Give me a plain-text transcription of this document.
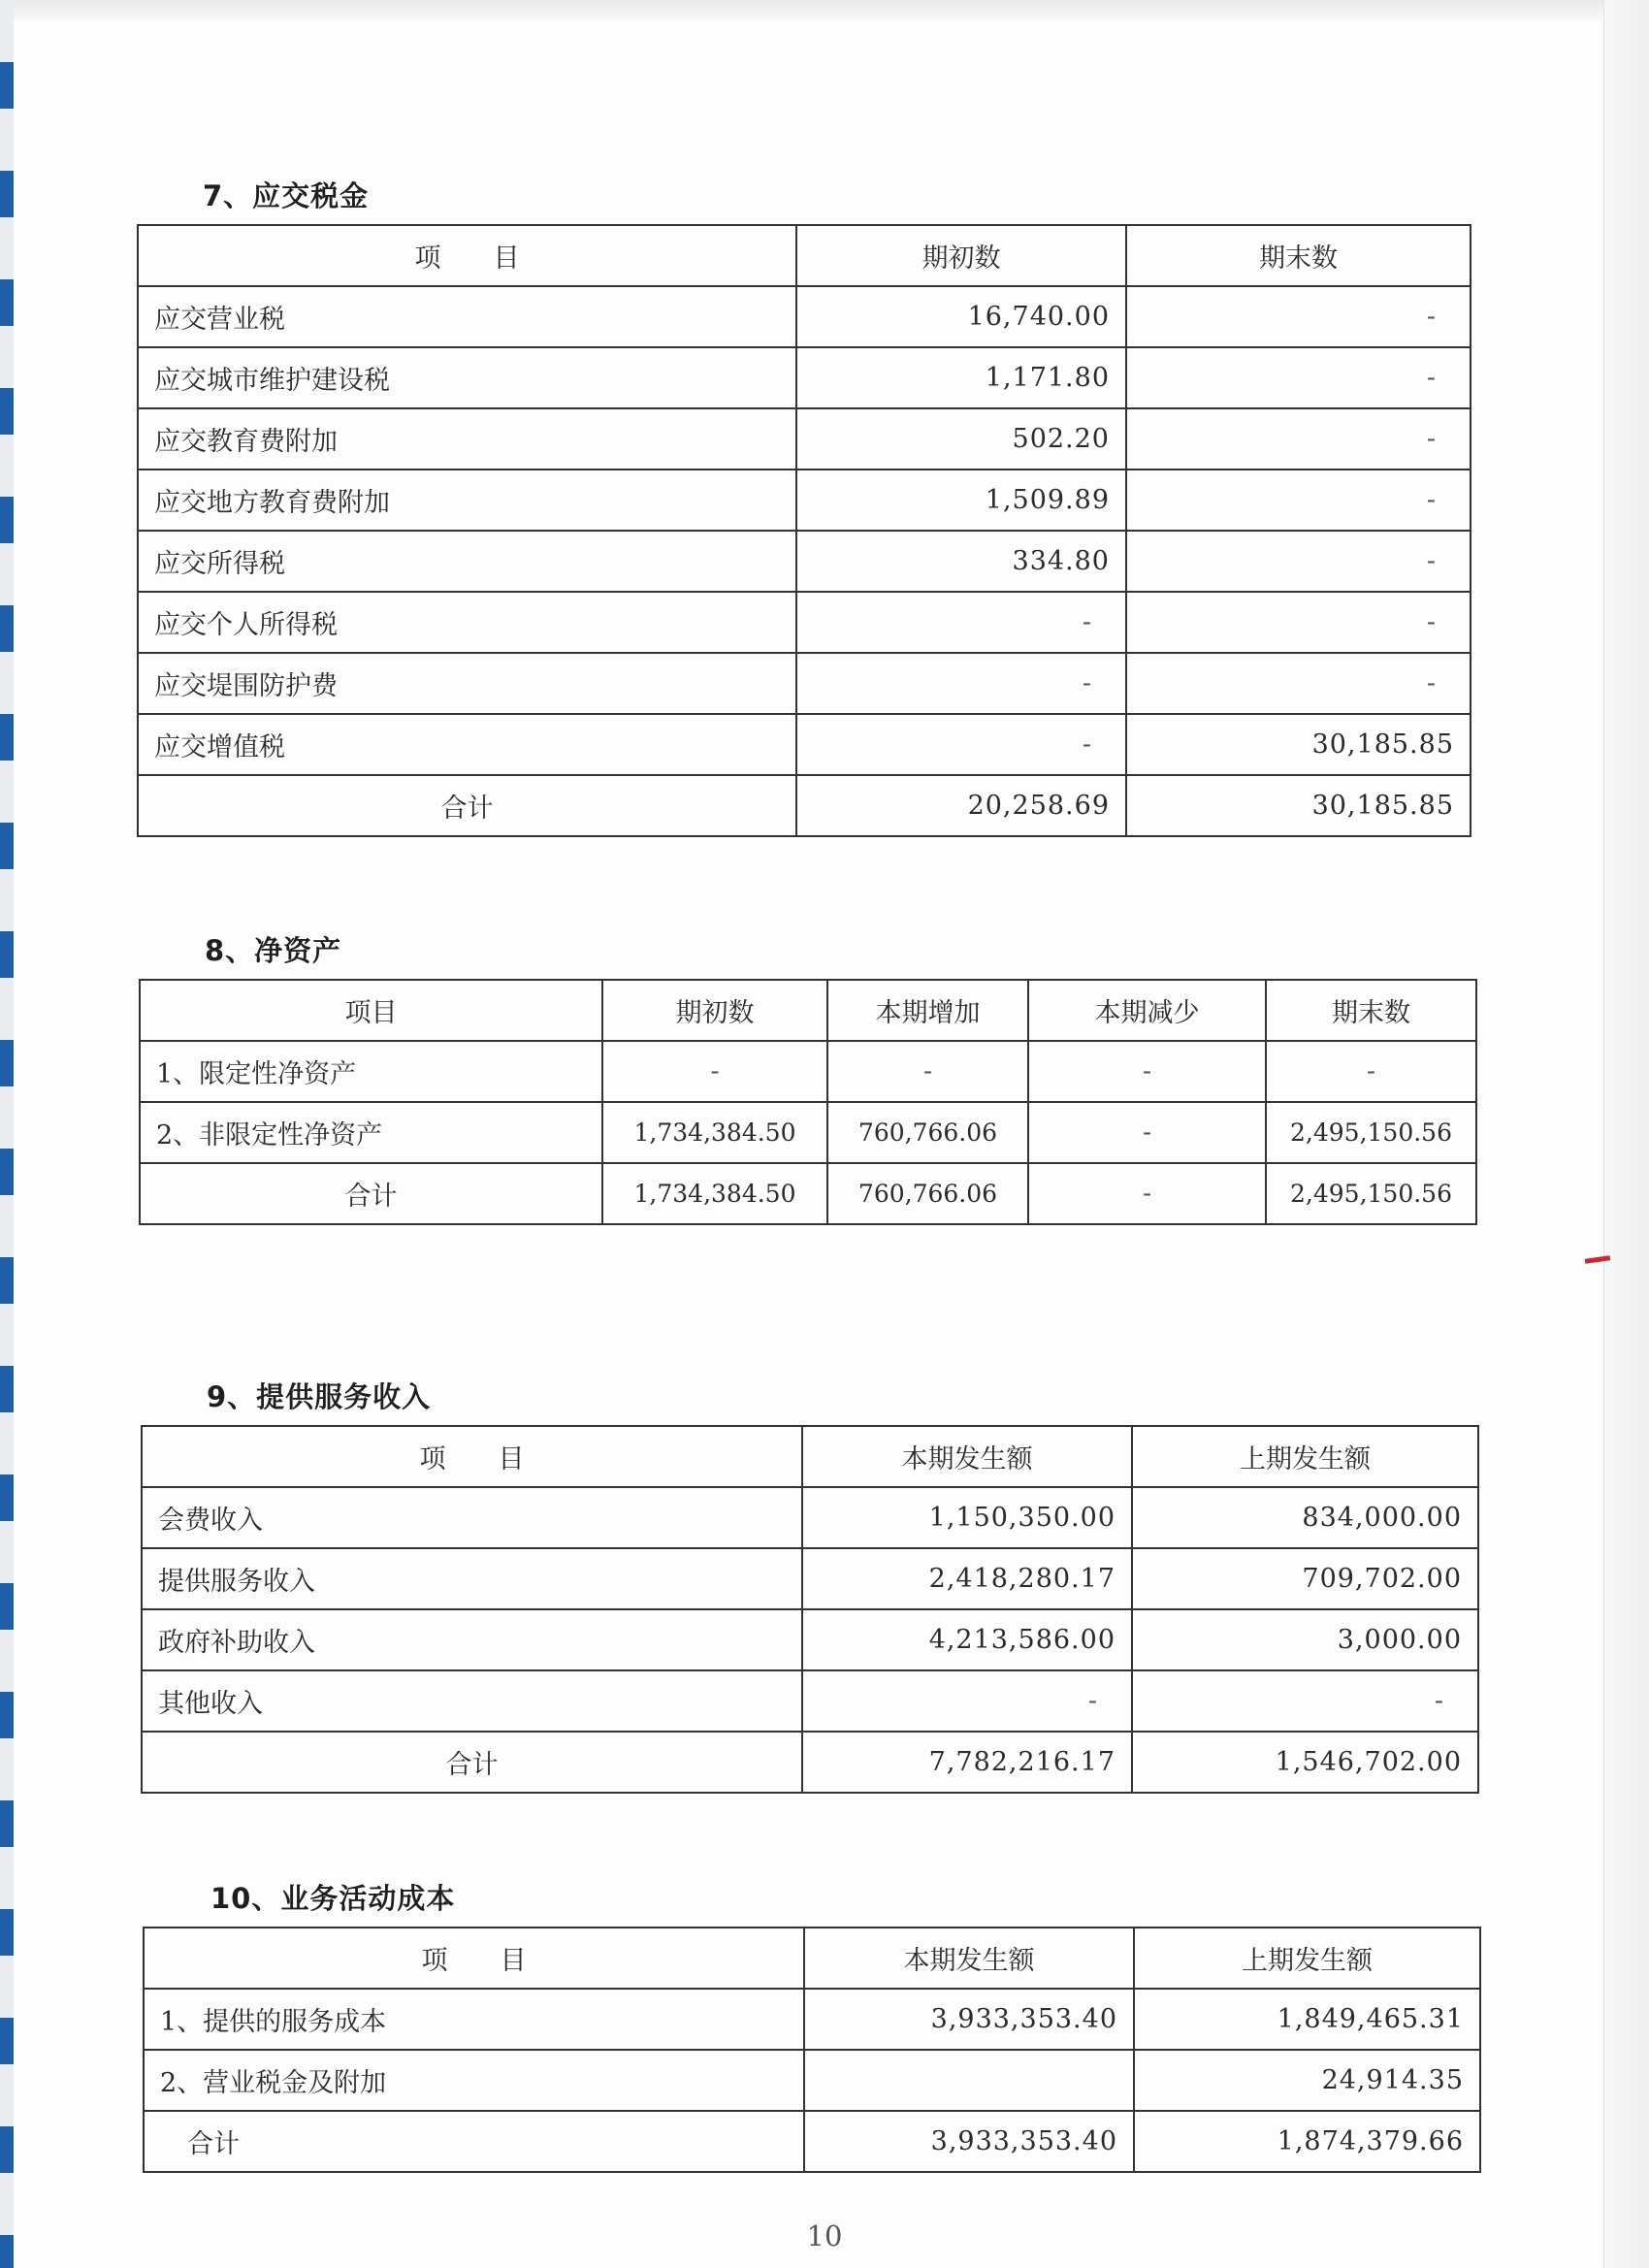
7、应交税金
项　　目	期初数	期末数
应交营业税	16,740.00	-
应交城市维护建设税	1,171.80	-
应交教育费附加	502.20	-
应交地方教育费附加	1,509.89	-
应交所得税	334.80	-
应交个人所得税	-	-
应交堤围防护费	-	-
应交增值税	-	30,185.85
合计	20,258.69	30,185.85
8、净资产
项目	期初数	本期增加	本期减少	期末数
1、限定性净资产	-	-	-	-
2、非限定性净资产	1,734,384.50	760,766.06	-	2,495,150.56
合计	1,734,384.50	760,766.06	-	2,495,150.56
9、提供服务收入
项　　目	本期发生额	上期发生额
会费收入	1,150,350.00	834,000.00
提供服务收入	2,418,280.17	709,702.00
政府补助收入	4,213,586.00	3,000.00
其他收入	-	-
合计	7,782,216.17	1,546,702.00
10、业务活动成本
项　　目	本期发生额	上期发生额
1、提供的服务成本	3,933,353.40	1,849,465.31
2、营业税金及附加		24,914.35
合计	3,933,353.40	1,874,379.66
10
